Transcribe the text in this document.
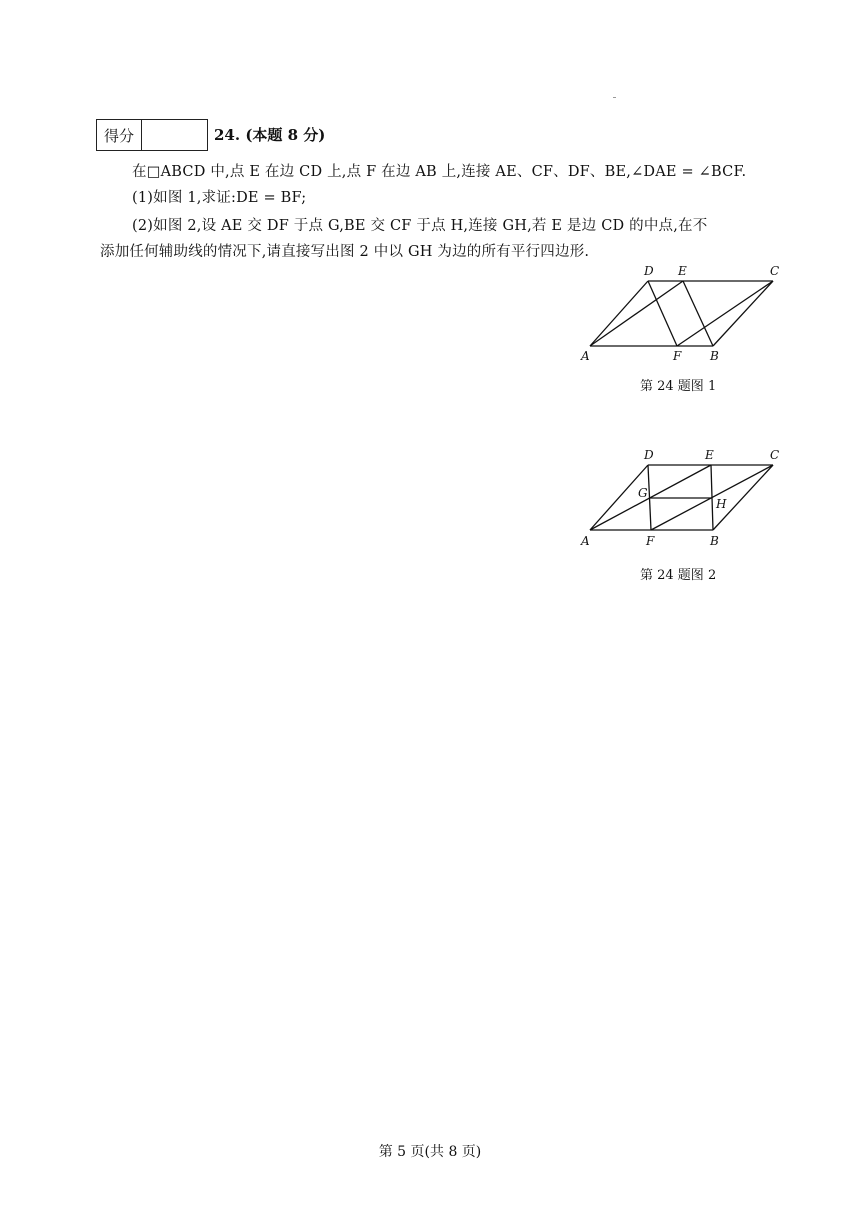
得分	24. (本题 8 分)
在□ABCD 中,点 E 在边 CD 上,点 F 在边 AB 上,连接 AE、CF、DF、BE,∠DAE = ∠BCF.
(1)如图 1,求证:DE = BF;
(2)如图 2,设 AE 交 DF 于点 G,BE 交 CF 于点 H,连接 GH,若 E 是边 CD 的中点,在不
添加任何辅助线的情况下,请直接写出图 2 中以 GH 为边的所有平行四边形.
D E	C
A	F B
第 24 题图 1
D	E	C
G
H
A	F	B
第 24 题图 2
第 5 页(共 8 页)
